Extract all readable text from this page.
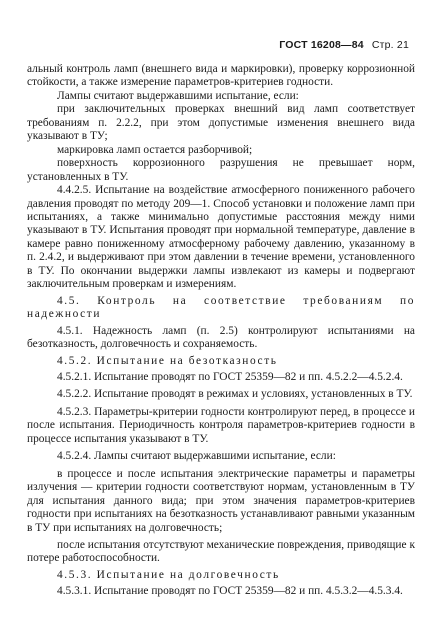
ГОСТ 16208—84 Стр. 21

альный контроль ламп (внешнего вида и маркировки), проверку коррозионной стойкости, а также измерение параметров-критериев годности.

Лампы считают выдержавшими испытание, если:

при заключительных проверках внешний вид ламп соответствует требованиям п. 2.2.2, при этом допустимые изменения внешнего вида указывают в ТУ;

маркировка ламп остается разборчивой;

поверхность коррозионного разрушения не превышает норм, установленных в ТУ.

4.4.2.5. Испытание на воздействие атмосферного пониженного рабочего давления проводят по методу 209—1. Способ установки и положение ламп при испытаниях, а также минимально допустимые расстояния между ними указывают в ТУ. Испытания проводят при нормальной температуре, давление в камере равно пониженному атмосферному рабочему давлению, указанному в п. 2.4.2, и выдерживают при этом давлении в течение времени, установленного в ТУ. По окончании выдержки лампы извлекают из камеры и подвергают заключительным проверкам и измерениям.

4.5. Контроль на соответствие требованиям по надежности

4.5.1. Надежность ламп (п. 2.5) контролируют испытаниями на безотказность, долговечность и сохраняемость.

4.5.2. Испытание на безотказность

4.5.2.1. Испытание проводят по ГОСТ 25359—82 и пп. 4.5.2.2—4.5.2.4.

4.5.2.2. Испытание проводят в режимах и условиях, установленных в ТУ.

4.5.2.3. Параметры-критерии годности контролируют перед, в процессе и после испытания. Периодичность контроля параметров-критериев годности в процессе испытания указывают в ТУ.

4.5.2.4. Лампы считают выдержавшими испытание, если:

в процессе и после испытания электрические параметры и параметры излучения — критерии годности соответствуют нормам, установленным в ТУ для испытания данного вида; при этом значения параметров-критериев годности при испытаниях на безотказность устанавливают равными указанным в ТУ при испытаниях на долговечность;

после испытания отсутствуют механические повреждения, приводящие к потере работоспособности.

4.5.3. Испытание на долговечность

4.5.3.1. Испытание проводят по ГОСТ 25359—82 и пп. 4.5.3.2—4.5.3.4.
